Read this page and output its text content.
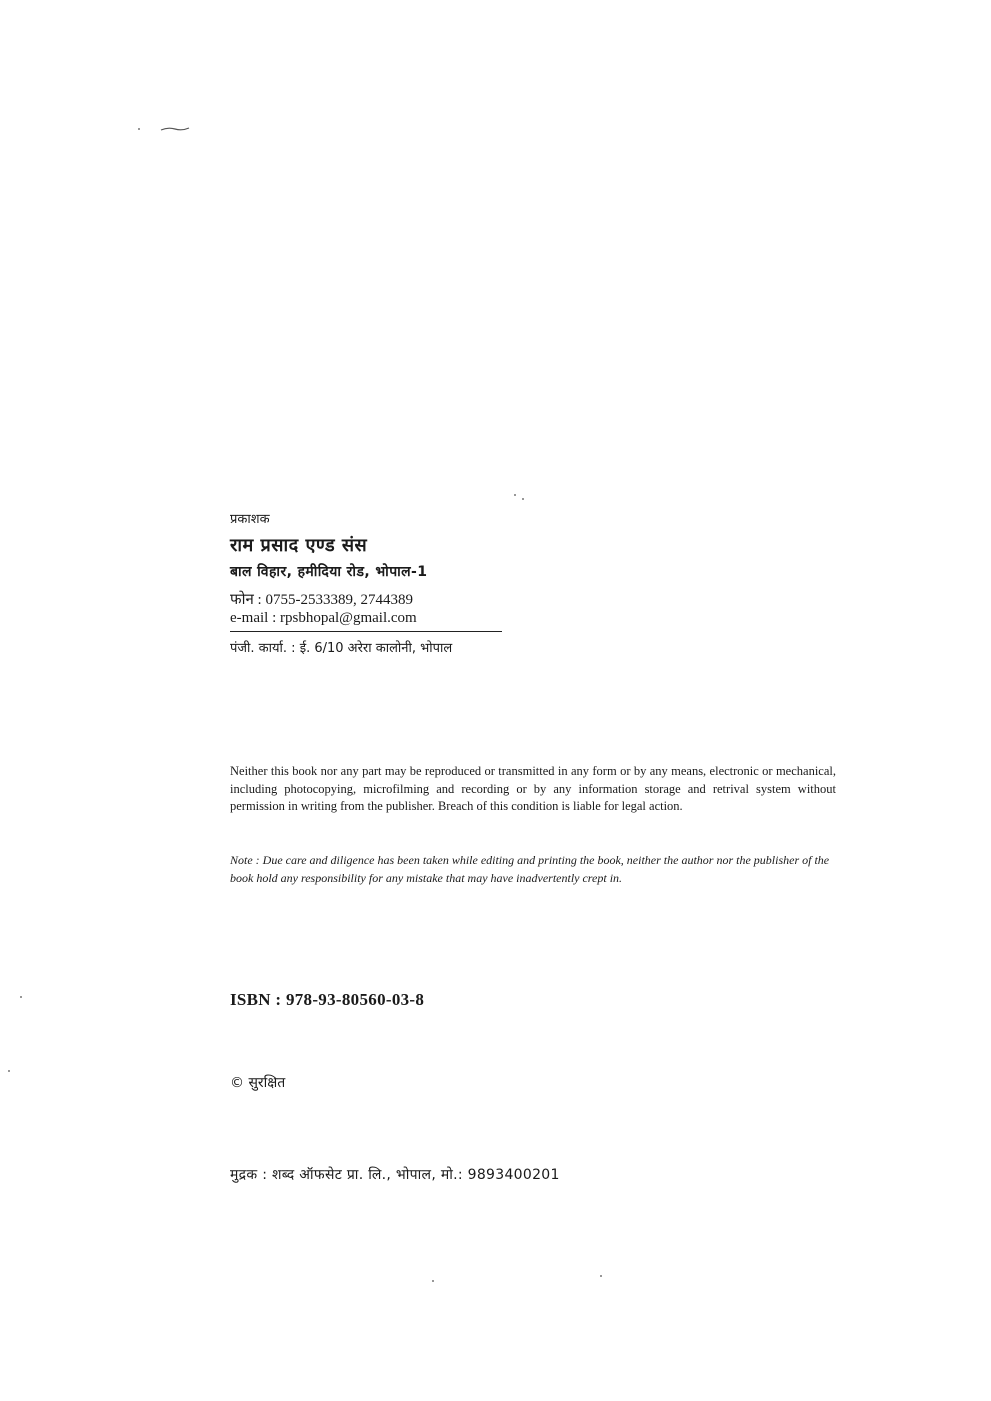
प्रकाशक
राम प्रसाद एण्ड संस
बाल विहार, हमीदिया रोड, भोपाल-1
फोन : 0755-2533389, 2744389
e-mail : rpsbhopal@gmail.com
पंजी. कार्या. : ई. 6/10 अरेरा कालोनी, भोपाल
Neither this book nor any part may be reproduced or transmitted in any form or by any means, electronic or mechanical, including photocopying, microfilming and recording or by any information storage and retrival system without permission in writing from the publisher. Breach of this condition is liable for legal action.
Note : Due care and diligence has been taken while editing and printing the book, neither the author nor the publisher of the book hold any responsibility for any mistake that may have inadvertently crept in.
ISBN : 978-93-80560-03-8
© सुरक्षित
मुद्रक : शब्द ऑफसेट प्रा. लि., भोपाल, मो.: 9893400201
